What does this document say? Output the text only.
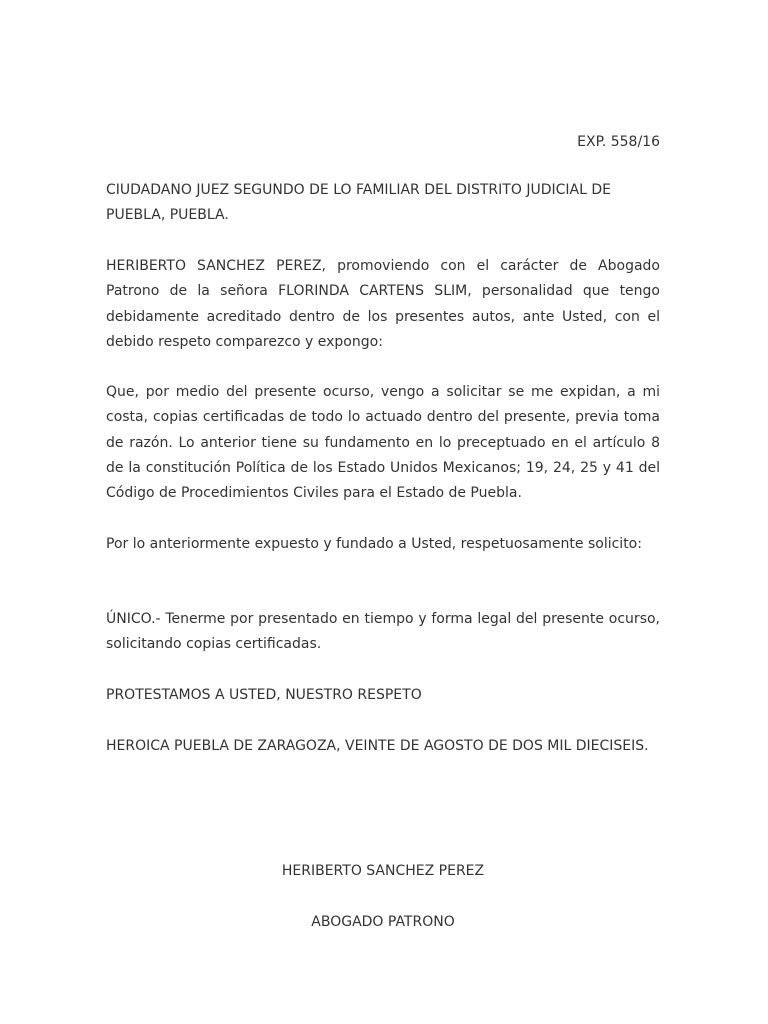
EXP. 558/16

CIUDADANO JUEZ SEGUNDO DE LO FAMILIAR DEL DISTRITO JUDICIAL DE PUEBLA, PUEBLA.

HERIBERTO SANCHEZ PEREZ, promoviendo con el carácter de Abogado Patrono de la señora FLORINDA CARTENS SLIM, personalidad que tengo debidamente acreditado dentro de los presentes autos, ante Usted, con el debido respeto comparezco y expongo:

Que, por medio del presente ocurso, vengo a solicitar se me expidan, a mi costa, copias certificadas de todo lo actuado dentro del presente, previa toma de razón. Lo anterior tiene su fundamento en lo preceptuado en el artículo 8 de la constitución Política de los Estado Unidos Mexicanos; 19, 24, 25 y 41 del Código de Procedimientos Civiles para el Estado de Puebla.

Por lo anteriormente expuesto y fundado a Usted, respetuosamente solicito:

ÚNICO.- Tenerme por presentado en tiempo y forma legal del presente ocurso, solicitando copias certificadas.

PROTESTAMOS A USTED, NUESTRO RESPETO

HEROICA PUEBLA DE ZARAGOZA, VEINTE DE AGOSTO DE DOS MIL DIECISEIS.

HERIBERTO SANCHEZ PEREZ
ABOGADO PATRONO
